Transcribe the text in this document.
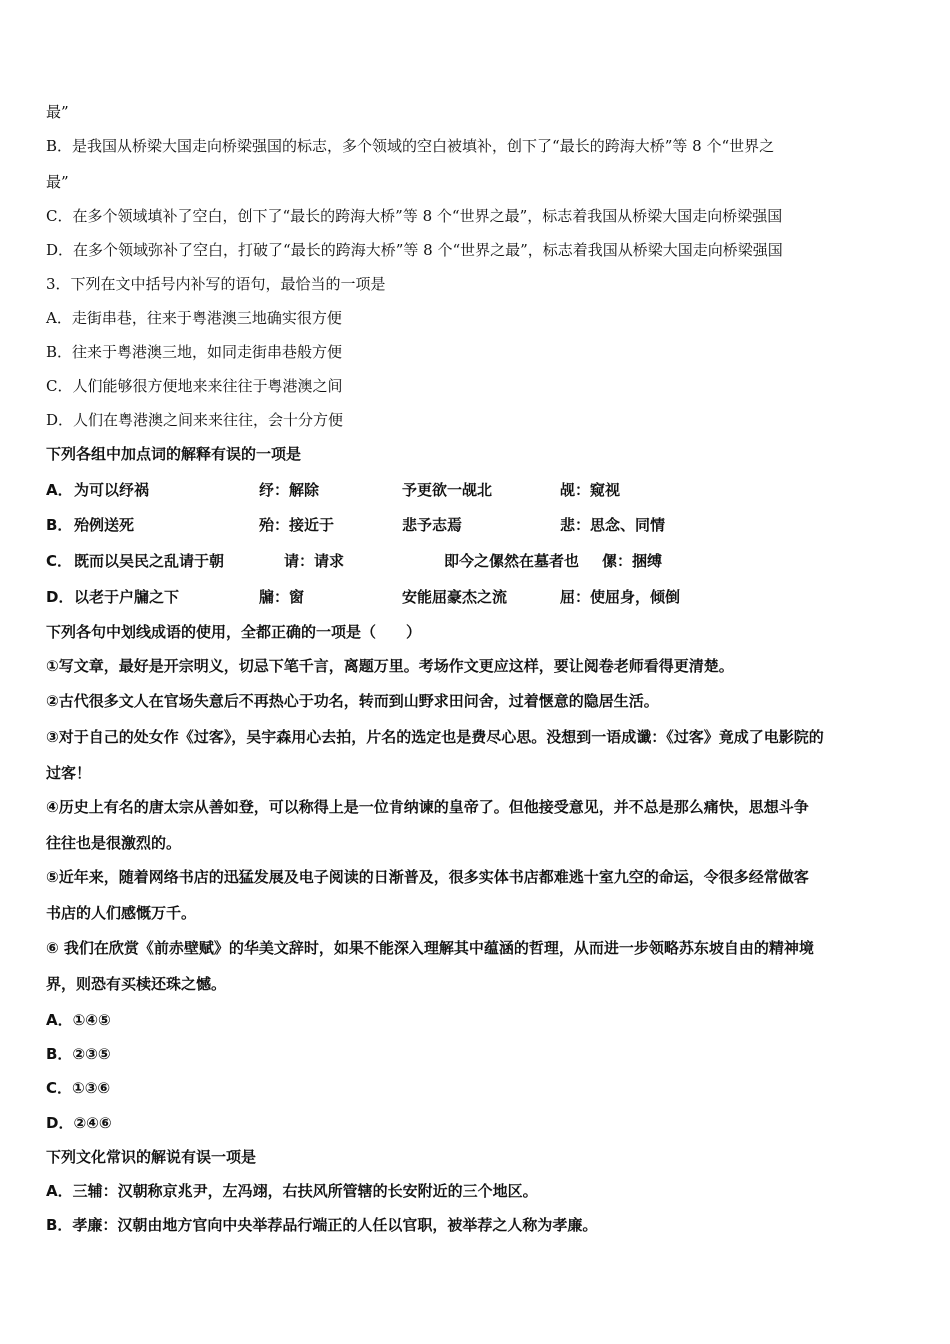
最”
B．是我国从桥梁大国走向桥梁强国的标志，多个领域的空白被填补，创下了“最长的跨海大桥”等 8 个“世界之
最”
C．在多个领域填补了空白，创下了“最长的跨海大桥”等 8 个“世界之最”，标志着我国从桥梁大国走向桥梁强国
D．在多个领域弥补了空白，打破了“最长的跨海大桥”等 8 个“世界之最”，标志着我国从桥梁大国走向桥梁强国
3．下列在文中括号内补写的语句，最恰当的一项是
A．走街串巷，往来于粤港澳三地确实很方便
B．往来于粤港澳三地，如同走街串巷般方便
C．人们能够很方便地来来往往于粤港澳之间
D．人们在粤港澳之间来来往往，会十分方便
下列各组中加点词的解释有误的一项是
A． 为可以纾祸	纾：解除	予更欲一觇北	觇：窥视
B． 殆例送死	殆：接近于	悲予志焉	悲：思念、同情
C． 既而以吴民之乱请于朝	请：请求	即今之傫然在墓者也 傫：捆缚
D． 以老于户牖之下	牖：窗	安能屈豪杰之流	屈：使屈身，倾倒
下列各句中划线成语的使用，全都正确的一项是（　　）
①写文章，最好是开宗明义，切忌下笔千言，离题万里。考场作文更应这样，要让阅卷老师看得更清楚。
②古代很多文人在官场失意后不再热心于功名，转而到山野求田问舍，过着惬意的隐居生活。
③对于自己的处女作《过客》，吴宇森用心去拍，片名的选定也是费尽心思。没想到一语成谶：《过客》竟成了电影院的
过客！
④历史上有名的唐太宗从善如登，可以称得上是一位肯纳谏的皇帝了。但他接受意见，并不总是那么痛快，思想斗争
往往也是很激烈的。
⑤近年来，随着网络书店的迅猛发展及电子阅读的日渐普及，很多实体书店都难逃十室九空的命运，令很多经常做客
书店的人们感慨万千。
⑥ 我们在欣赏《前赤壁赋》的华美文辞时，如果不能深入理解其中蕴涵的哲理，从而进一步领略苏东坡自由的精神境
界，则恐有买椟还珠之憾。
A．①④⑤
B．②③⑤
C．①③⑥
D．②④⑥
下列文化常识的解说有误一项是
A．三辅：汉朝称京兆尹，左冯翊，右扶风所管辖的长安附近的三个地区。
B．孝廉：汉朝由地方官向中央举荐品行端正的人任以官职，被举荐之人称为孝廉。
